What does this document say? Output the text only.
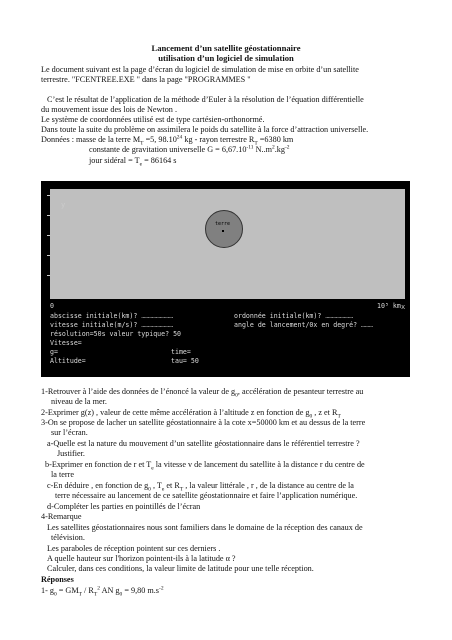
Lancement d’un satellite géostationnaire
utilisation d’un logiciel de simulation
Le document suivant est la page d’écran du logiciel de simulation de mise en orbite d’un satellite
terrestre. "FCENTREE.EXE " dans la page "PROGRAMMES "
C’est le résultat de l’application de la méthode d’Euler à la résolution de l’équation différentielle
du mouvement issue des lois de Newton .
Le système de coordonnées utilisé est de type cartésien-orthonormé.
Dans toute la suite du problème on assimilera le poids du satellite à la force d’attraction universelle.
Données : masse de la terre $M_T =5$, 98.10$^{24}$ kg - rayon terrestre $R_T =6380$ km
constante de gravitation universelle $G = 6,67.10^{-11}$ $N..m^2.kg^{-2}$
jour sidéral = $T_e = 86164$ s
y
terre
x
0	10⁵ km
abscisse initiale(km)? ……………………	ordonnée initiale(km)? …………………
vitesse initiale(m/s)? ……………………	angle de lancement/0x en degré? ………
résolution=50s valeur typique? 50
Vitesse=
g=	time=
Altitude=	tau= 50
1-Retrouver à l’aide des données de l’énoncé la valeur de $g_0$, accélération de pesanteur terrestre au
niveau de la mer.
2-Exprimer g(z) , valeur de cette même accélération à l’altitude z en fonction de $g_0$ , z et $R_T$
3-On se propose de lacher un satellite géostationnaire à la cote x=50000 km et au dessus de la terre
sur l’écran.
a-Quelle est la nature du mouvement d’un satellite géostationnaire dans le référentiel terrestre ?
Justifier.
b-Exprimer en fonction de r et $T_e$ la vitesse v de lancement du satellite à la distance r du centre de
la terre
c-En déduire , en fonction de $g_0$ , $T_e$ et $R_T$ , la valeur littérale , r , de la distance au centre de la
terre nécessaire au lancement de ce satellite géostationnaire et faire l’application numérique.
d-Compléter les parties en pointillés de l’écran
4-Remarque
Les satellites géostationnaires nous sont familiers dans le domaine de la réception des canaux de
télévision.
Les paraboles de réception pointent sur ces derniers .
A quelle hauteur sur l'horizon pointent-ils à la latitude α ?
Calculer, dans ces conditions, la valeur limite de latitude pour une telle réception.
Réponses
1- $g_0 = GM_T / R_T^2$ AN $g_0 = 9,80$ $m.s^{-2}$
